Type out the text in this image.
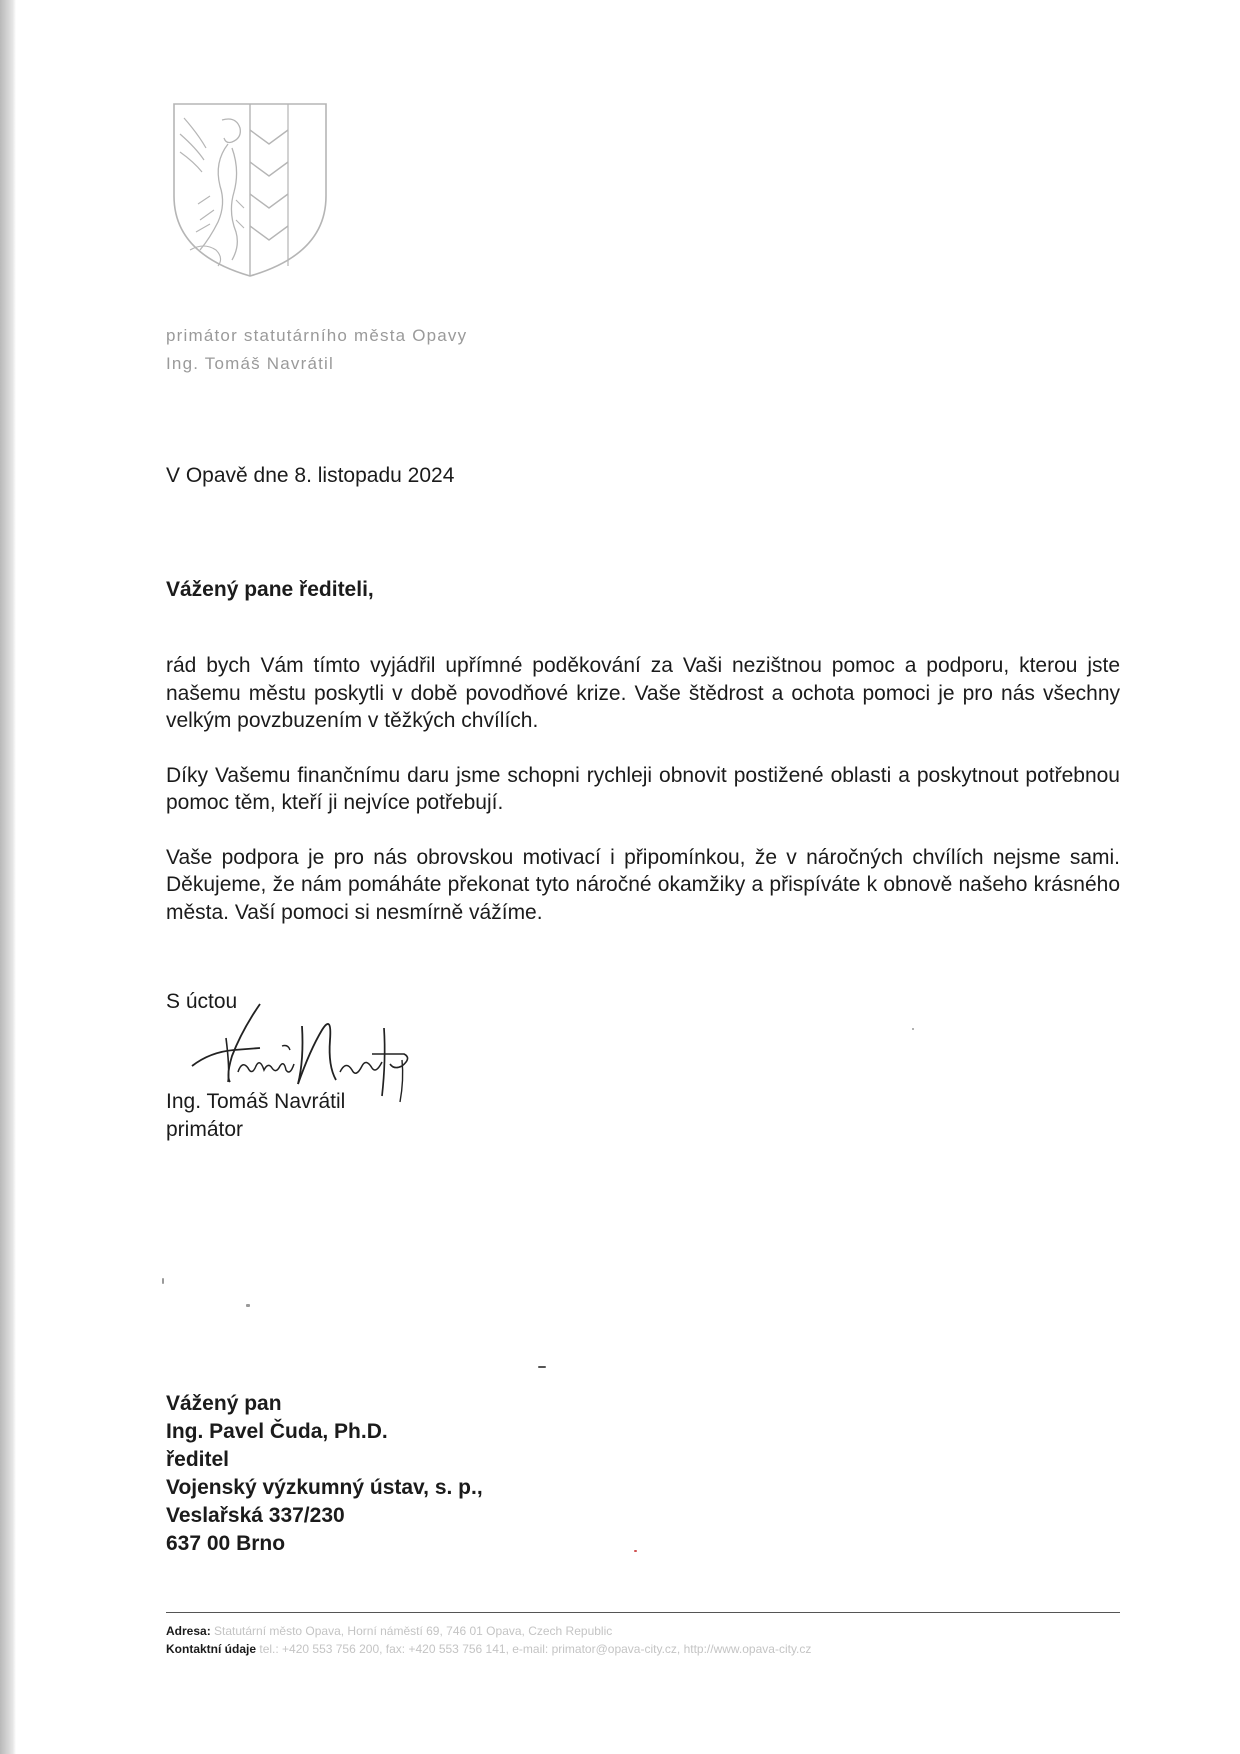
primátor statutárního města Opavy
Ing. Tomáš Navrátil
V Opavě dne 8. listopadu 2024
Vážený pane řediteli,

rád bych Vám tímto vyjádřil upřímné poděkování za Vaši nezištnou pomoc a podporu, kterou jste našemu městu poskytli v době povodňové krize. Vaše štědrost a ochota pomoci je pro nás všechny velkým povzbuzením v těžkých chvílích.

Díky Vašemu finančnímu daru jsme schopni rychleji obnovit postižené oblasti a poskytnout potřebnou pomoc těm, kteří ji nejvíce potřebují.

Vaše podpora je pro nás obrovskou motivací i připomínkou, že v náročných chvílích nejsme sami. Děkujeme, že nám pomáháte překonat tyto náročné okamžiky a přispíváte k obnově našeho krásného města. Vaší pomoci si nesmírně vážíme.

S úctou
Ing. Tomáš Navrátil
primátor
Vážený pan
Ing. Pavel Čuda, Ph.D.
ředitel
Vojenský výzkumný ústav, s. p.,
Veslařská 337/230
637 00 Brno
Adresa: Statutární město Opava, Horní náměstí 69, 746 01 Opava, Czech Republic
Kontaktní údaje tel.: +420 553 756 200, fax: +420 553 756 141, e-mail: primator@opava-city.cz, http://www.opava-city.cz
